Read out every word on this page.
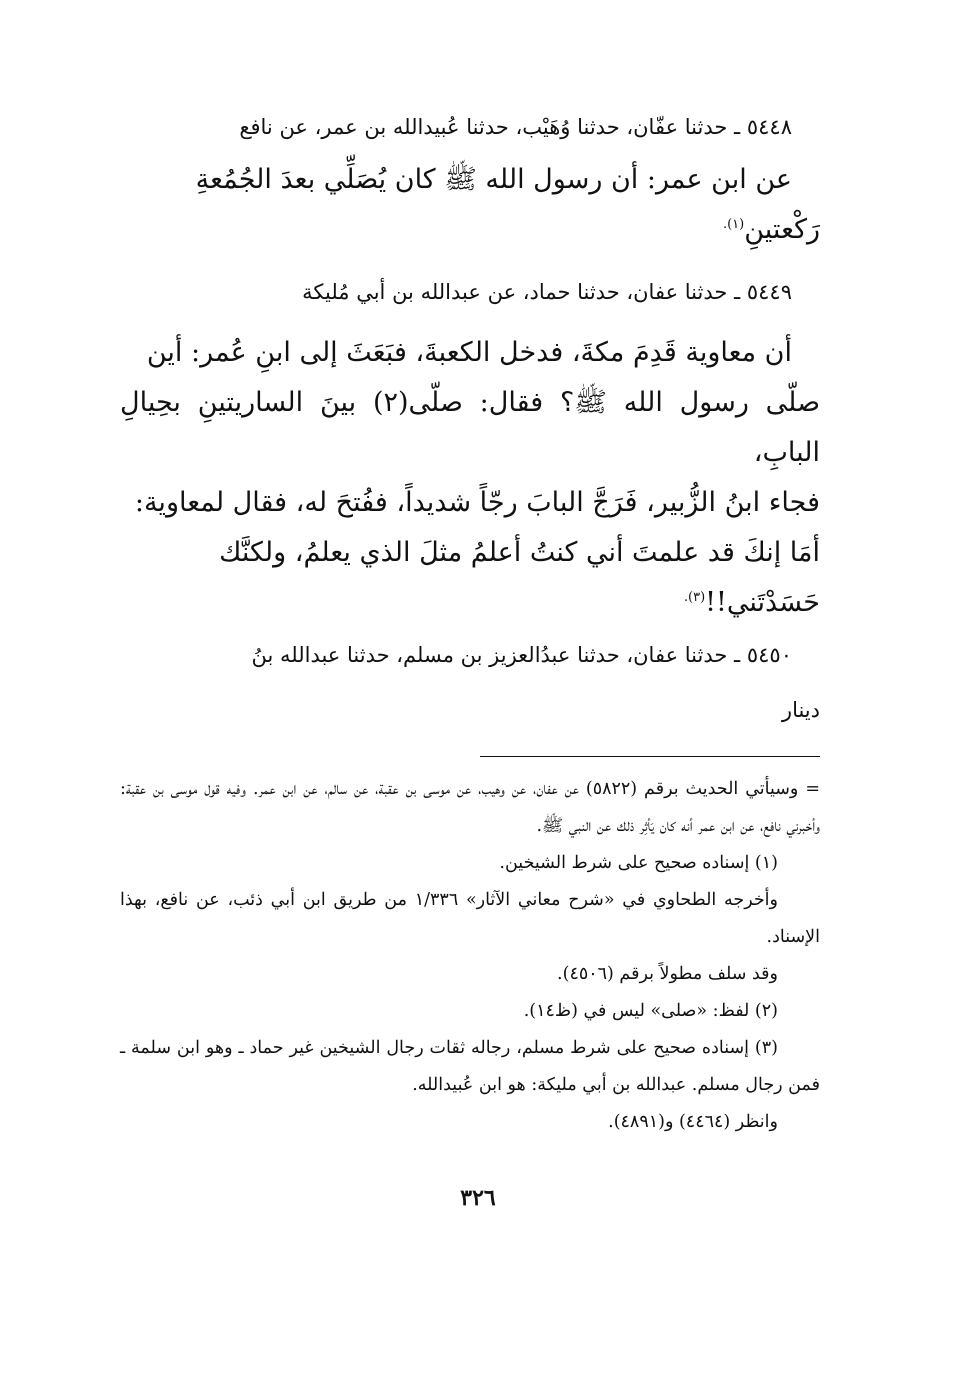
٥٤٤٨ ـ حدثنا عفّان، حدثنا وُهَيْب، حدثنا عُبيدالله بن عمر، عن نافع

عن ابن عمر: أن رسول الله ﷺ كان يُصَلِّي بعدَ الجُمُعةِ

رَكْعتينِ$^{(١).}$

٥٤٤٩ ـ حدثنا عفان، حدثنا حماد، عن عبدالله بن أبي مُليكة

أن معاوية قَدِمَ مكةَ، فدخل الكعبةَ، فبَعَثَ إلى ابنِ عُمر: أين

صلّى رسول الله ﷺ؟ فقال: صلّى(٢) بينَ الساريتينِ بحِيالِ البابِ،

فجاء ابنُ الزُّبير، فَرَجَّ البابَ رجّاً شديداً، ففُتحَ له، فقال لمعاوية:

أمَا إنكَ قد علمتَ أني كنتُ أعلمُ مثلَ الذي يعلمُ، ولكنَّك

حَسَدْتَني!!$^{(٣).}$

٥٤٥٠ ـ حدثنا عفان، حدثنا عبدُالعزيز بن مسلم، حدثنا عبدالله بنُ

دينار

= وسيأتي الحديث برقم (٥٨٢٢) عن عفان، عن وهيب، عن موسى بن عقبة، عن سالم، عن ابن عمر. وفيه قول موسى بن عقبة: وأخبرني نافع، عن ابن عمر أنه كان يَأثِر ذلك عن النبي ﷺ.

(١) إسناده صحيح على شرط الشيخين.

وأخرجه الطحاوي في «شرح معاني الآثار» ١/٣٣٦ من طريق ابن أبي ذئب، عن نافع، بهذا الإسناد.

وقد سلف مطولاً برقم (٤٥٠٦).

(٢) لفظ: «صلى» ليس في (ظ١٤).

(٣) إسناده صحيح على شرط مسلم، رجاله ثقات رجال الشيخين غير حماد ـ وهو ابن سلمة ـ فمن رجال مسلم. عبدالله بن أبي مليكة: هو ابن عُبيدالله.

وانظر (٤٤٦٤) و(٤٨٩١).

٣٢٦
